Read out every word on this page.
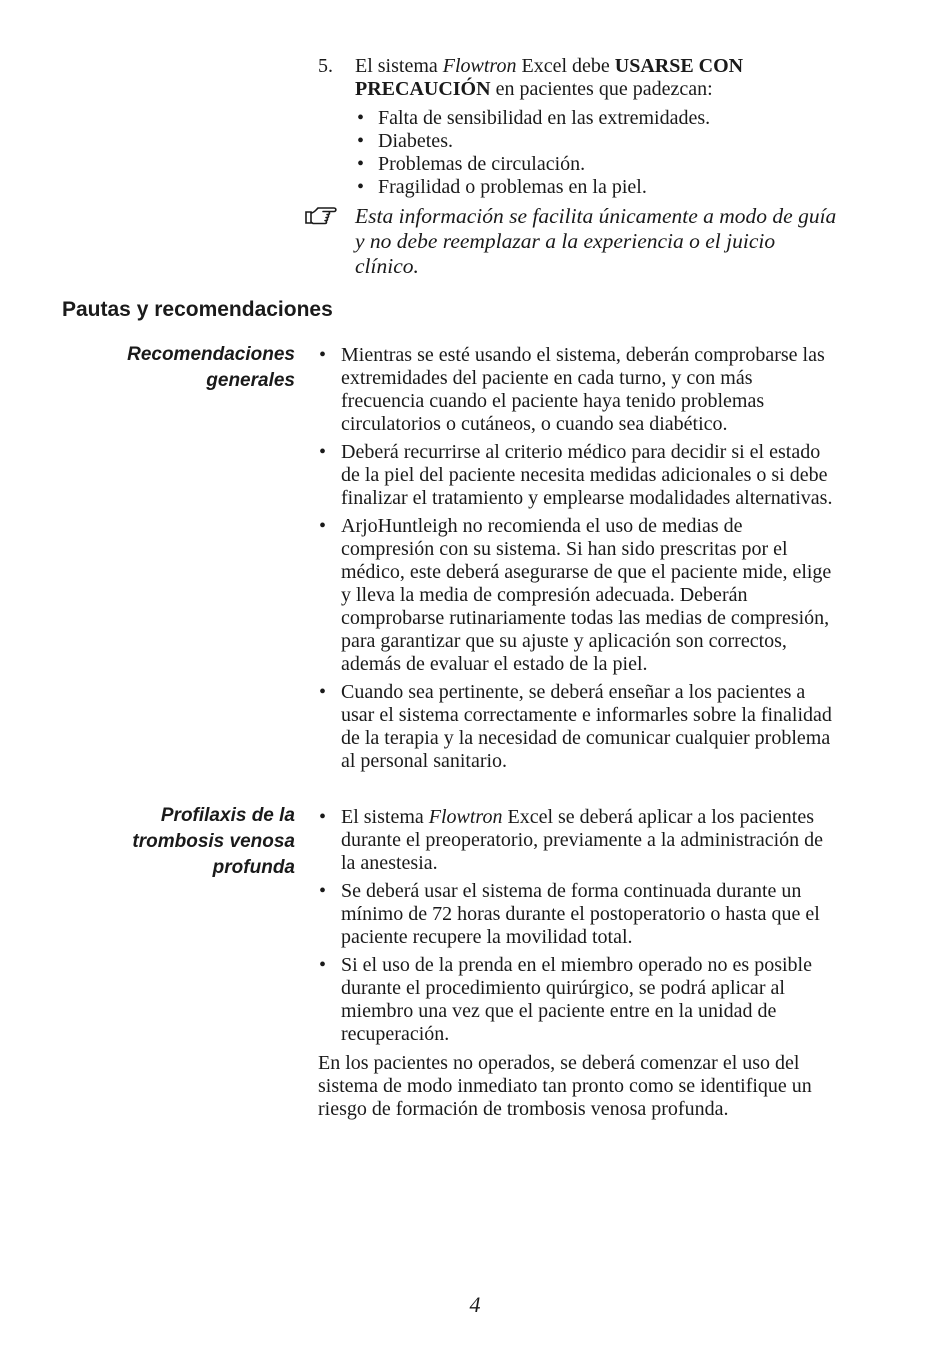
5. El sistema Flowtron Excel debe USARSE CON PRECAUCIÓN en pacientes que padezcan:
• Falta de sensibilidad en las extremidades.
• Diabetes.
• Problemas de circulación.
• Fragilidad o problemas en la piel.
Esta información se facilita únicamente a modo de guía y no debe reemplazar a la experiencia o el juicio clínico.
Pautas y recomendaciones
Recomendaciones
generales
• Mientras se esté usando el sistema, deberán comprobarse las extremidades del paciente en cada turno, y con más frecuencia cuando el paciente haya tenido problemas circulatorios o cutáneos, o cuando sea diabético.
• Deberá recurrirse al criterio médico para decidir si el estado de la piel del paciente necesita medidas adicionales o si debe finalizar el tratamiento y emplearse modalidades alternativas.
• ArjoHuntleigh no recomienda el uso de medias de compresión con su sistema. Si han sido prescritas por el médico, este deberá asegurarse de que el paciente mide, elige y lleva la media de compresión adecuada. Deberán comprobarse rutinariamente todas las medias de compresión, para garantizar que su ajuste y aplicación son correctos, además de evaluar el estado de la piel.
• Cuando sea pertinente, se deberá enseñar a los pacientes a usar el sistema correctamente e informarles sobre la finalidad de la terapia y la necesidad de comunicar cualquier problema al personal sanitario.
Profilaxis de la
trombosis venosa
profunda
• El sistema Flowtron Excel se deberá aplicar a los pacientes durante el preoperatorio, previamente a la administración de la anestesia.
• Se deberá usar el sistema de forma continuada durante un mínimo de 72 horas durante el postoperatorio o hasta que el paciente recupere la movilidad total.
• Si el uso de la prenda en el miembro operado no es posible durante el procedimiento quirúrgico, se podrá aplicar al miembro una vez que el paciente entre en la unidad de recuperación.

En los pacientes no operados, se deberá comenzar el uso del sistema de modo inmediato tan pronto como se identifique un riesgo de formación de trombosis venosa profunda.

4
